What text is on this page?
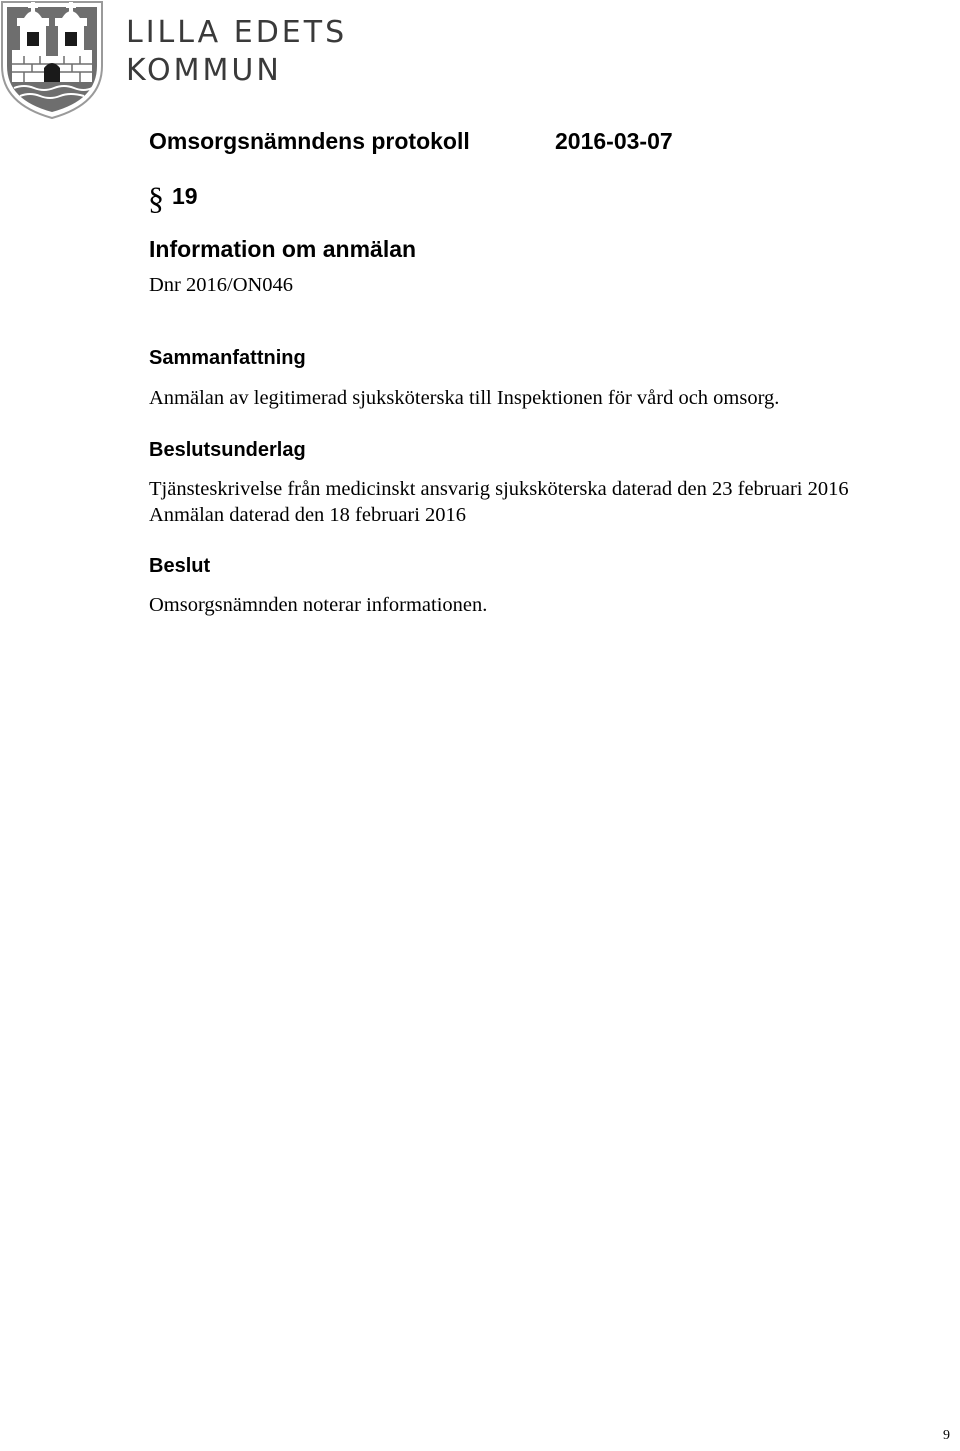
LILLA EDETS
KOMMUN
Omsorgsnämndens protokoll	2016-03-07
§ 19
Information om anmälan
Dnr 2016/ON046
Sammanfattning
Anmälan av legitimerad sjuksköterska till Inspektionen för vård och omsorg.
Beslutsunderlag
Tjänsteskrivelse från medicinskt ansvarig sjuksköterska daterad den 23 februari 2016
Anmälan daterad den 18 februari 2016
Beslut
Omsorgsnämnden noterar informationen.
9
